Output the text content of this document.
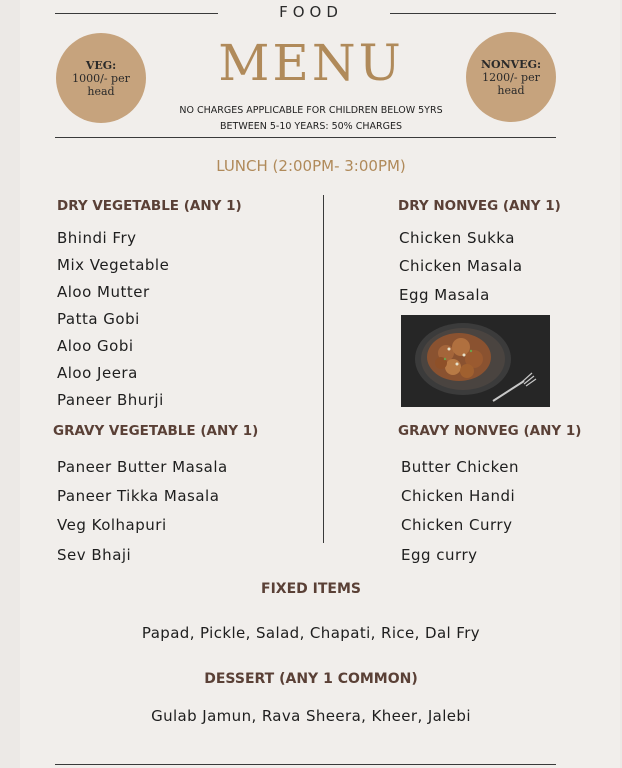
FOOD
MENU
VEG:
1000/- per
head
NONVEG:
1200/- per
head
NO CHARGES APPLICABLE FOR CHILDREN BELOW 5YRS
BETWEEN 5-10 YEARS: 50% CHARGES
LUNCH (2:00PM- 3:00PM)
DRY VEGETABLE (ANY 1)
Bhindi Fry
Mix Vegetable
Aloo Mutter
Patta Gobi
Aloo Gobi
Aloo Jeera
Paneer Bhurji
DRY NONVEG (ANY 1)
Chicken Sukka
Chicken Masala
Egg Masala
GRAVY VEGETABLE (ANY 1)
Paneer Butter Masala
Paneer Tikka Masala
Veg Kolhapuri
Sev Bhaji
GRAVY NONVEG (ANY 1)
Butter Chicken
Chicken Handi
Chicken Curry
Egg curry
FIXED ITEMS
Papad, Pickle, Salad, Chapati, Rice, Dal Fry
DESSERT (ANY 1 COMMON)
Gulab Jamun, Rava Sheera, Kheer, Jalebi
